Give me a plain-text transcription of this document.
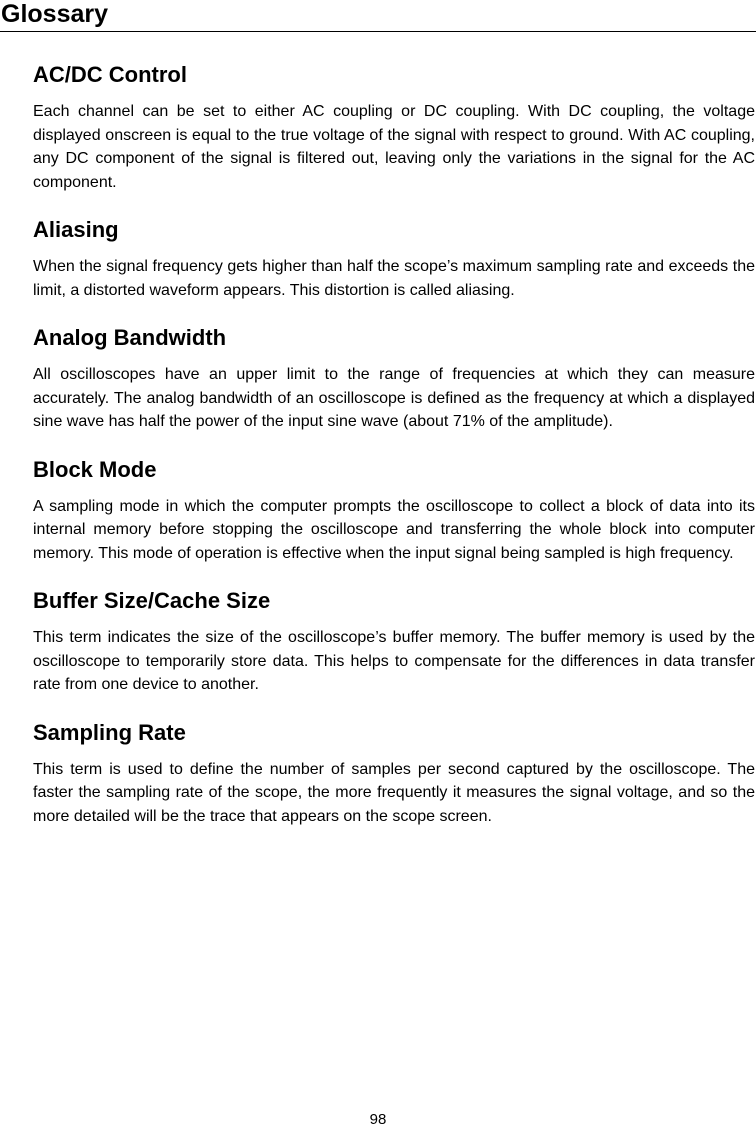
Glossary
AC/DC Control

Each channel can be set to either AC coupling or DC coupling. With DC coupling, the voltage displayed onscreen is equal to the true voltage of the signal with respect to ground. With AC coupling, any DC component of the signal is filtered out, leaving only the variations in the signal for the AC component.

Aliasing

When the signal frequency gets higher than half the scope’s maximum sampling rate and exceeds the limit, a distorted waveform appears. This distortion is called aliasing.

Analog Bandwidth

All oscilloscopes have an upper limit to the range of frequencies at which they can measure accurately. The analog bandwidth of an oscilloscope is defined as the frequency at which a displayed sine wave has half the power of the input sine wave (about 71% of the amplitude).

Block Mode

A sampling mode in which the computer prompts the oscilloscope to collect a block of data into its internal memory before stopping the oscilloscope and transferring the whole block into computer memory. This mode of operation is effective when the input signal being sampled is high frequency.

Buffer Size/Cache Size

This term indicates the size of the oscilloscope’s buffer memory. The buffer memory is used by the oscilloscope to temporarily store data. This helps to compensate for the differences in data transfer rate from one device to another.

Sampling Rate

This term is used to define the number of samples per second captured by the oscilloscope. The faster the sampling rate of the scope, the more frequently it measures the signal voltage, and so the more detailed will be the trace that appears on the scope screen.

98
